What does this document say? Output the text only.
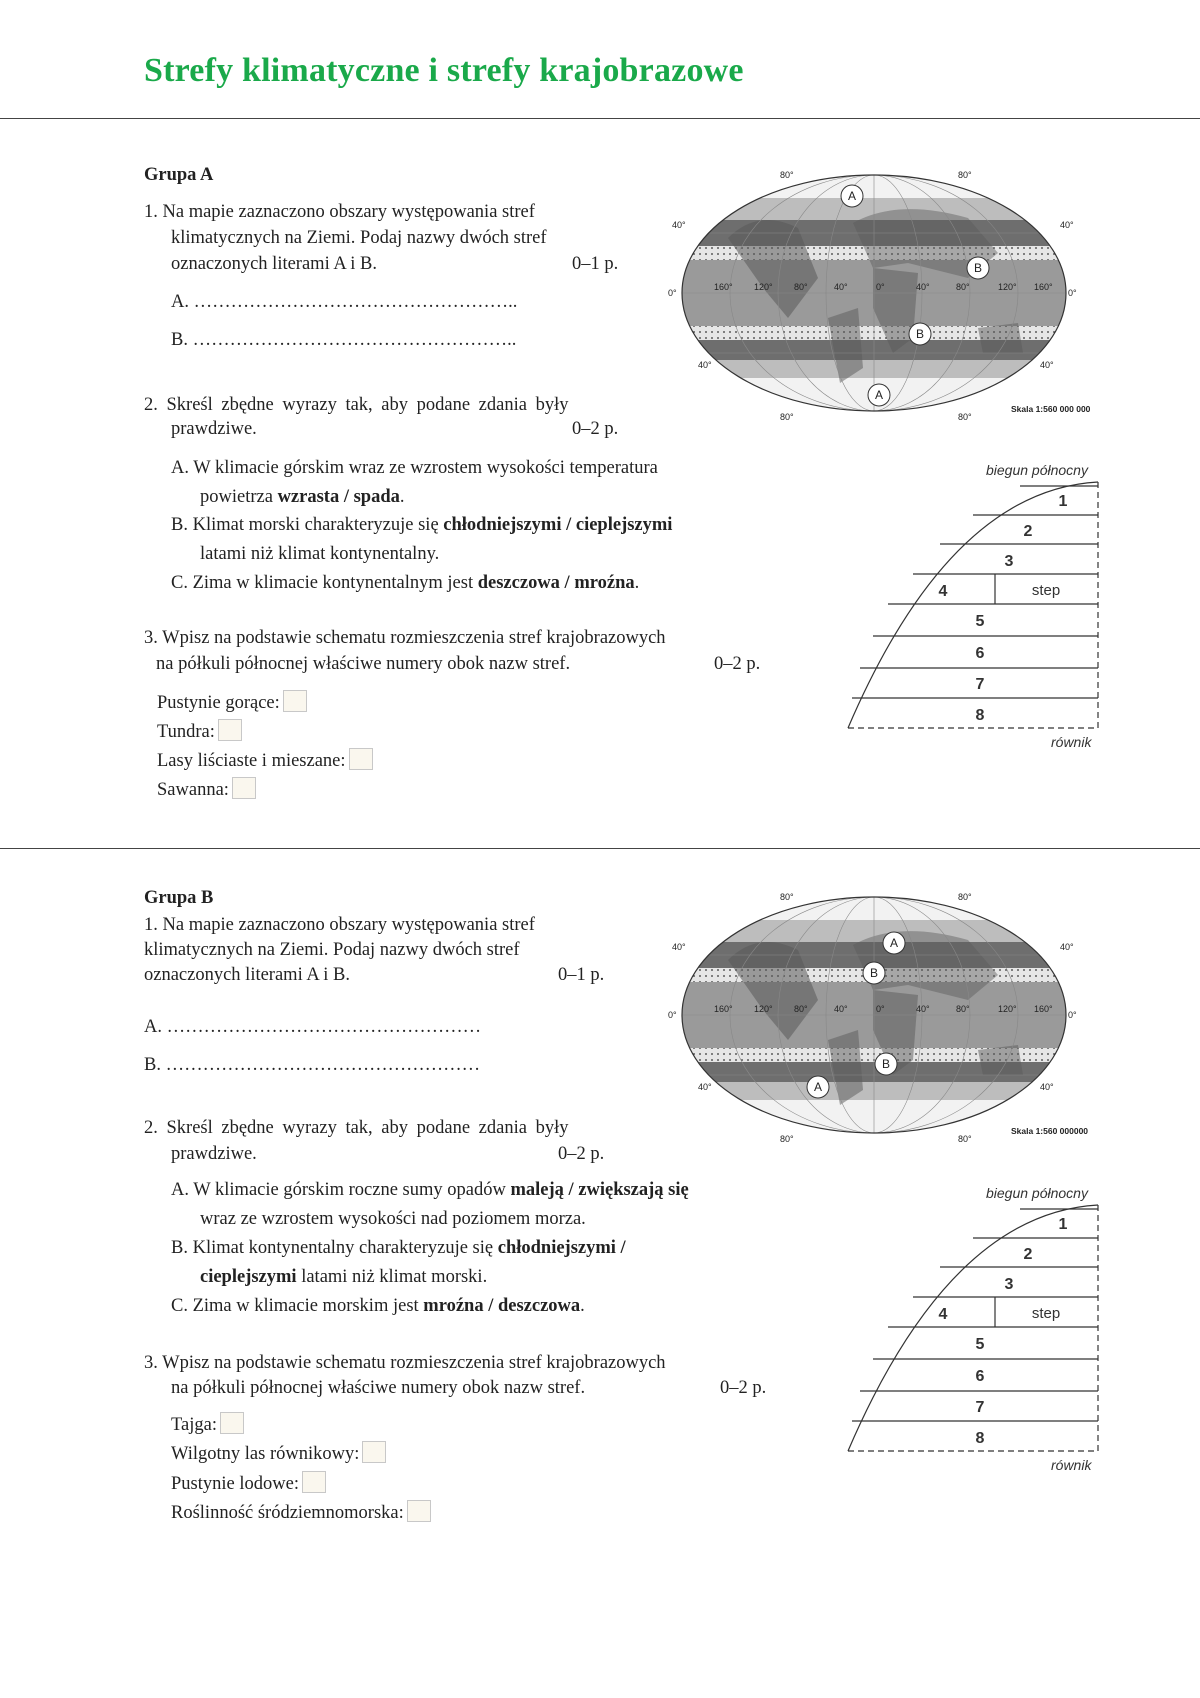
Strefy klimatyczne i strefy krajobrazowe
Grupa A
1. Na mapie zaznaczono obszary występowania stref
klimatycznych na Ziemi. Podaj nazwy dwóch stref
oznaczonych literami A i B.	0–1 p.
A. ……………………………………………..
B. ……………………………………………..
2. Skreśl zbędne wyrazy tak, aby podane zdania były
prawdziwe.	0–2 p.
A. W klimacie górskim wraz ze wzrostem wysokości temperatura
powietrza wzrasta / spada.
B. Klimat morski charakteryzuje się chłodniejszymi / cieplejszymi
latami niż klimat kontynentalny.
C. Zima w klimacie kontynentalnym jest deszczowa / mroźna.
3. Wpisz na podstawie schematu rozmieszczenia stref krajobrazowych
na półkuli północnej właściwe numery obok nazw stref.	0–2 p.
Pustynie gorące:
Tundra:
Lasy liściaste i mieszane:
Sawanna:
80°	80°
40°	40°
0°	0°
40°	40°
80°	80°
160° 120° 80°	40°	0°	40°	80°	120° 160°
Skala 1:560 000 000
A
B
B
A
biegun północny
1
2
3
4	step
5
6
7
8
równik
Grupa B
1. Na mapie zaznaczono obszary występowania stref
klimatycznych na Ziemi. Podaj nazwy dwóch stref
oznaczonych literami A i B.	0–1 p.
A. ……………………………………………
B. ……………………………………………
2. Skreśl zbędne wyrazy tak, aby podane zdania były
prawdziwe.	0–2 p.
A. W klimacie górskim roczne sumy opadów maleją / zwiększają się
wraz ze wzrostem wysokości nad poziomem morza.
B. Klimat kontynentalny charakteryzuje się chłodniejszymi /
cieplejszymi latami niż klimat morski.
C. Zima w klimacie morskim jest mroźna / deszczowa.
3. Wpisz na podstawie schematu rozmieszczenia stref krajobrazowych
na półkuli północnej właściwe numery obok nazw stref.	0–2 p.
Tajga:
Wilgotny las równikowy:
Pustynie lodowe:
Roślinność śródziemnomorska:
80°	80°
40°	40°
0°	0°
40°	40°
80°	80°
160° 120° 80°	40°	0°	40°	80°	120° 160°
Skala 1:560 000000
A
B
B
A
biegun północny
1
2
3
4	step
5
6
7
8
równik
